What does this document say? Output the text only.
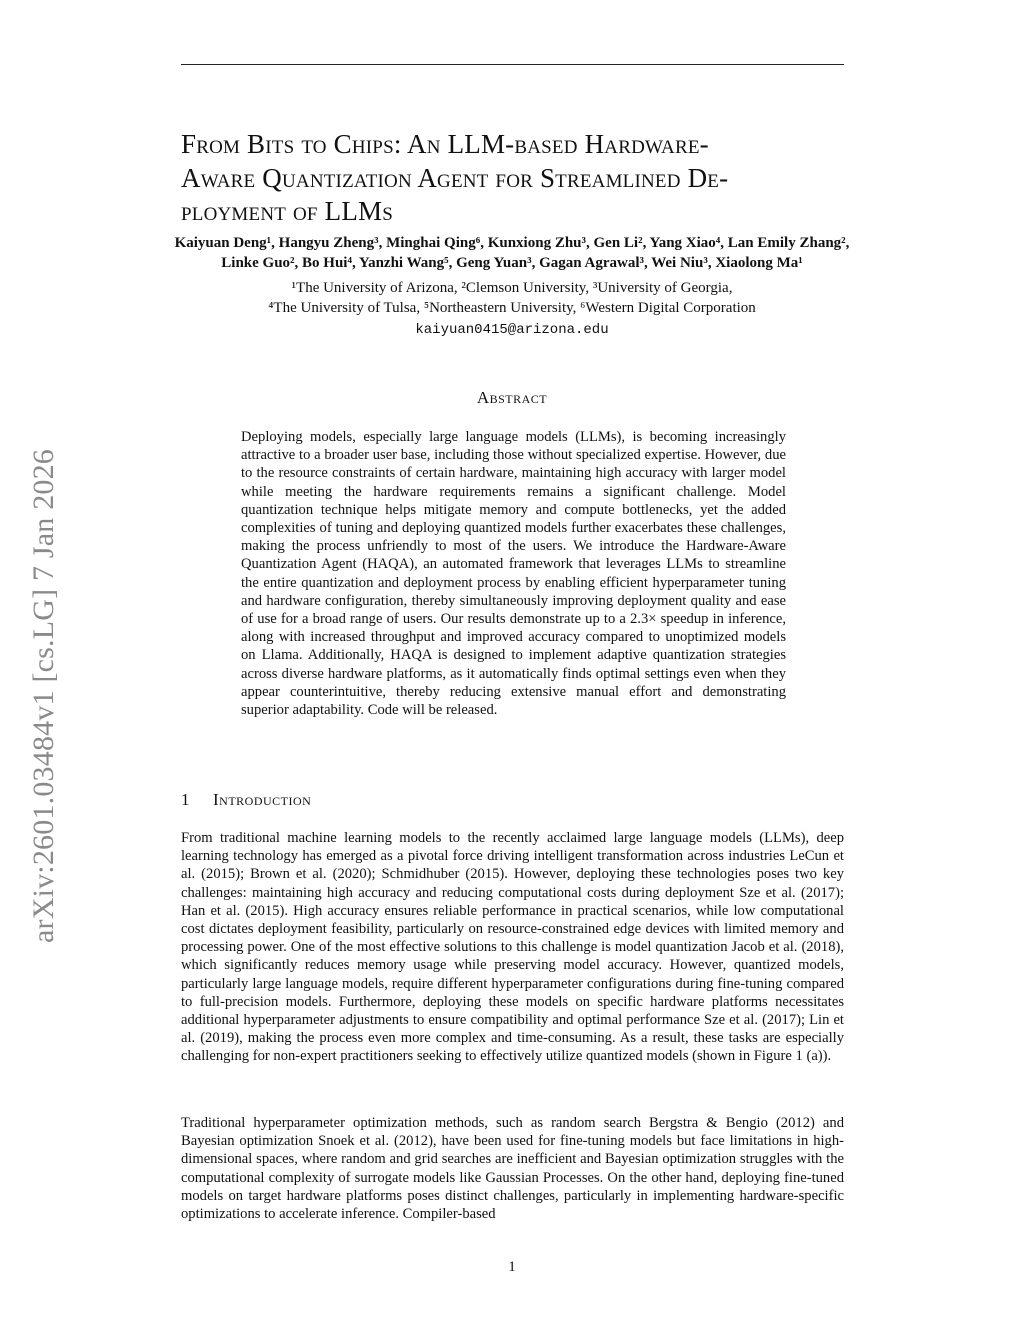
arXiv:2601.03484v1 [cs.LG] 7 Jan 2026
From Bits to Chips: An LLM-based Hardware-
Aware Quantization Agent for Streamlined De-
ployment of LLMs
Kaiyuan Deng¹, Hangyu Zheng³, Minghai Qing⁶, Kunxiong Zhu³, Gen Li², Yang Xiao⁴, Lan Emily Zhang²,
Linke Guo², Bo Hui⁴, Yanzhi Wang⁵, Geng Yuan³, Gagan Agrawal³, Wei Niu³, Xiaolong Ma¹
¹The University of Arizona, ²Clemson University, ³University of Georgia,
⁴The University of Tulsa, ⁵Northeastern University, ⁶Western Digital Corporation
kaiyuan0415@arizona.edu
Abstract

Deploying models, especially large language models (LLMs), is becoming increasingly attractive to a broader user base, including those without specialized expertise. However, due to the resource constraints of certain hardware, maintaining high accuracy with larger model while meeting the hardware requirements remains a significant challenge. Model quantization technique helps mitigate memory and compute bottlenecks, yet the added complexities of tuning and deploying quantized models further exacerbates these challenges, making the process unfriendly to most of the users. We introduce the Hardware-Aware Quantization Agent (HAQA), an automated framework that leverages LLMs to streamline the entire quantization and deployment process by enabling efficient hyperparameter tuning and hardware configuration, thereby simultaneously improving deployment quality and ease of use for a broad range of users. Our results demonstrate up to a 2.3× speedup in inference, along with increased throughput and improved accuracy compared to unoptimized models on Llama. Additionally, HAQA is designed to implement adaptive quantization strategies across diverse hardware platforms, as it automatically finds optimal settings even when they appear counterintuitive, thereby reducing extensive manual effort and demonstrating superior adaptability. Code will be released.

1 Introduction

From traditional machine learning models to the recently acclaimed large language models (LLMs), deep learning technology has emerged as a pivotal force driving intelligent transformation across industries LeCun et al. (2015); Brown et al. (2020); Schmidhuber (2015). However, deploying these technologies poses two key challenges: maintaining high accuracy and reducing computational costs during deployment Sze et al. (2017); Han et al. (2015). High accuracy ensures reliable performance in practical scenarios, while low computational cost dictates deployment feasibility, particularly on resource-constrained edge devices with limited memory and processing power. One of the most effective solutions to this challenge is model quantization Jacob et al. (2018), which significantly reduces memory usage while preserving model accuracy. However, quantized models, particularly large language models, require different hyperparameter configurations during fine-tuning compared to full-precision models. Furthermore, deploying these models on specific hardware platforms necessitates additional hyperparameter adjustments to ensure compatibility and optimal performance Sze et al. (2017); Lin et al. (2019), making the process even more complex and time-consuming. As a result, these tasks are especially challenging for non-expert practitioners seeking to effectively utilize quantized models (shown in Figure 1 (a)).

Traditional hyperparameter optimization methods, such as random search Bergstra & Bengio (2012) and Bayesian optimization Snoek et al. (2012), have been used for fine-tuning models but face limitations in high-dimensional spaces, where random and grid searches are inefficient and Bayesian optimization struggles with the computational complexity of surrogate models like Gaussian Processes. On the other hand, deploying fine-tuned models on target hardware platforms poses distinct challenges, particularly in implementing hardware-specific optimizations to accelerate inference. Compiler-based

1
